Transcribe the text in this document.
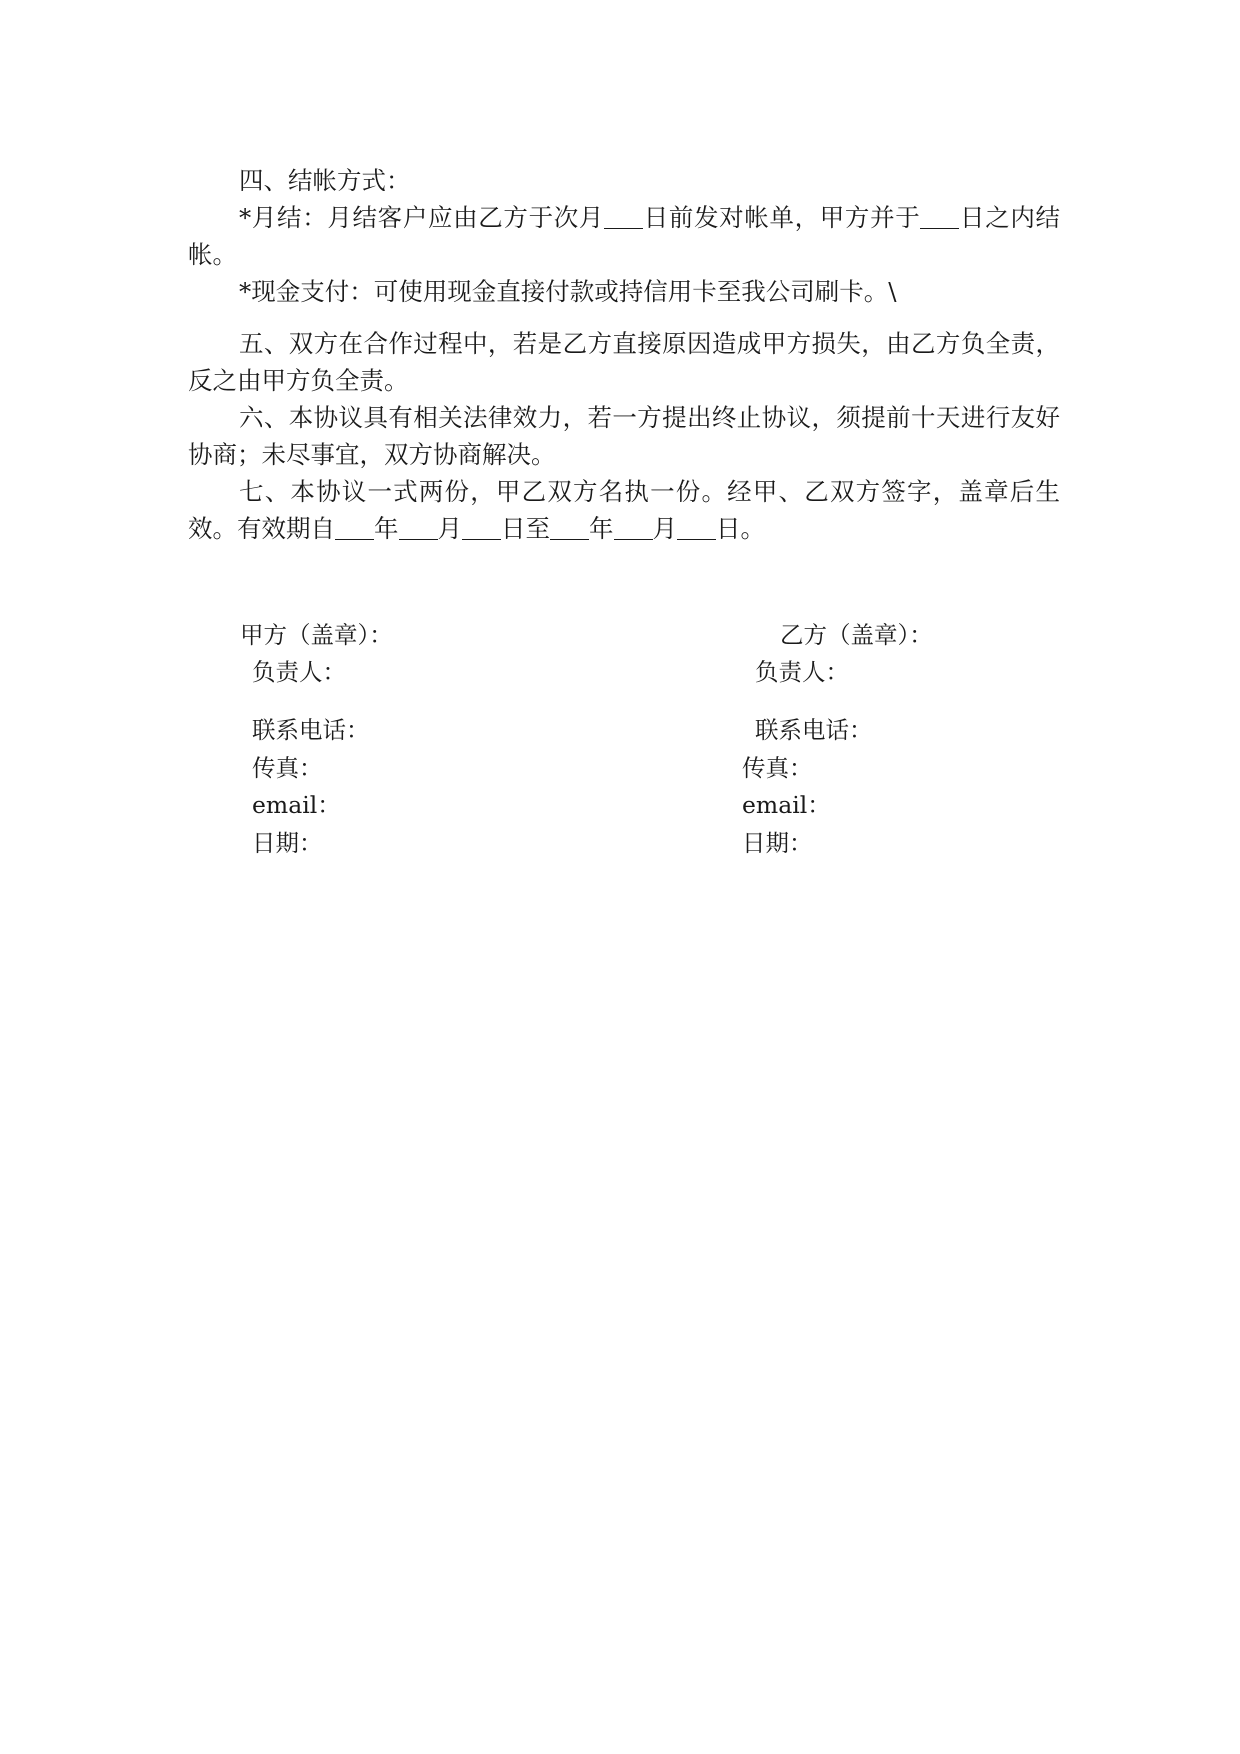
四、结帐方式：

*月结：月结客户应由乙方于次月 日前发对帐单，甲方并于 日之内结帐。

*现金支付：可使用现金直接付款或持信用卡至我公司刷卡。\

五、双方在合作过程中，若是乙方直接原因造成甲方损失，由乙方负全责，反之由甲方负全责。

六、本协议具有相关法律效力，若一方提出终止协议，须提前十天进行友好协商；未尽事宜，双方协商解决。

七、本协议一式两份，甲乙双方名执一份。经甲、乙双方签字，盖章后生效。有效期自 年 月 日至 年 月 日。

甲方（盖章）：
负责人：
联系电话：
传真：
email：
日期：
乙方（盖章）：
负责人：
联系电话：
传真：
email：
日期：
